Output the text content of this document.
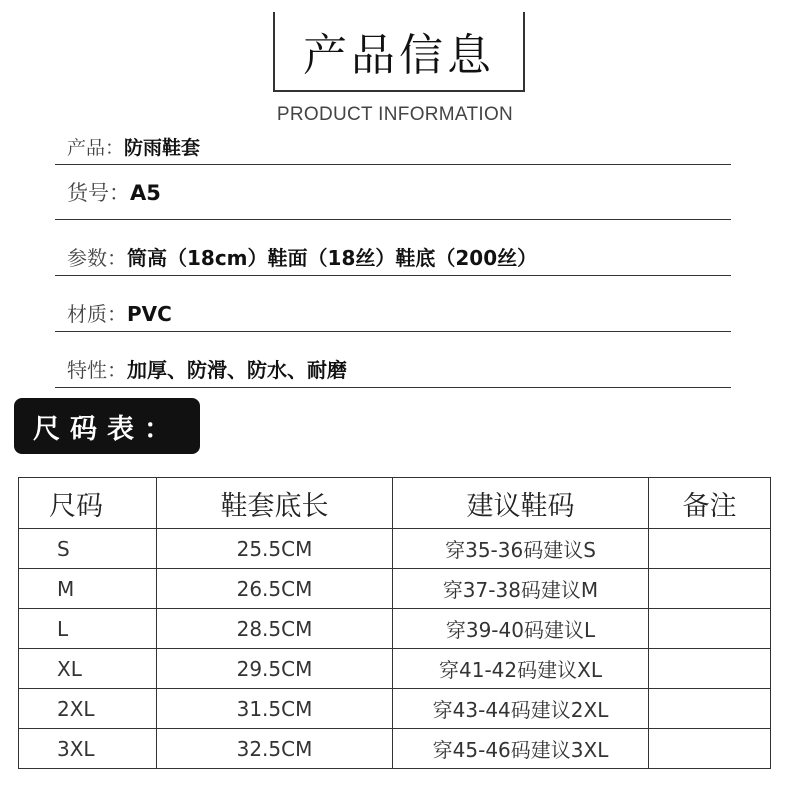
产品信息
PRODUCT INFORMATION
产品：防雨鞋套
货号：A5
参数：筒高（18cm）鞋面（18丝）鞋底（200丝）
材质：PVC
特性：加厚、防滑、防水、耐磨
尺码表：
尺码	鞋套底长	建议鞋码	备注
S	25.5CM	穿35-36码建议S	
M	26.5CM	穿37-38码建议M	
L	28.5CM	穿39-40码建议L	
XL	29.5CM	穿41-42码建议XL	
2XL	31.5CM	穿43-44码建议2XL	
3XL	32.5CM	穿45-46码建议3XL	
